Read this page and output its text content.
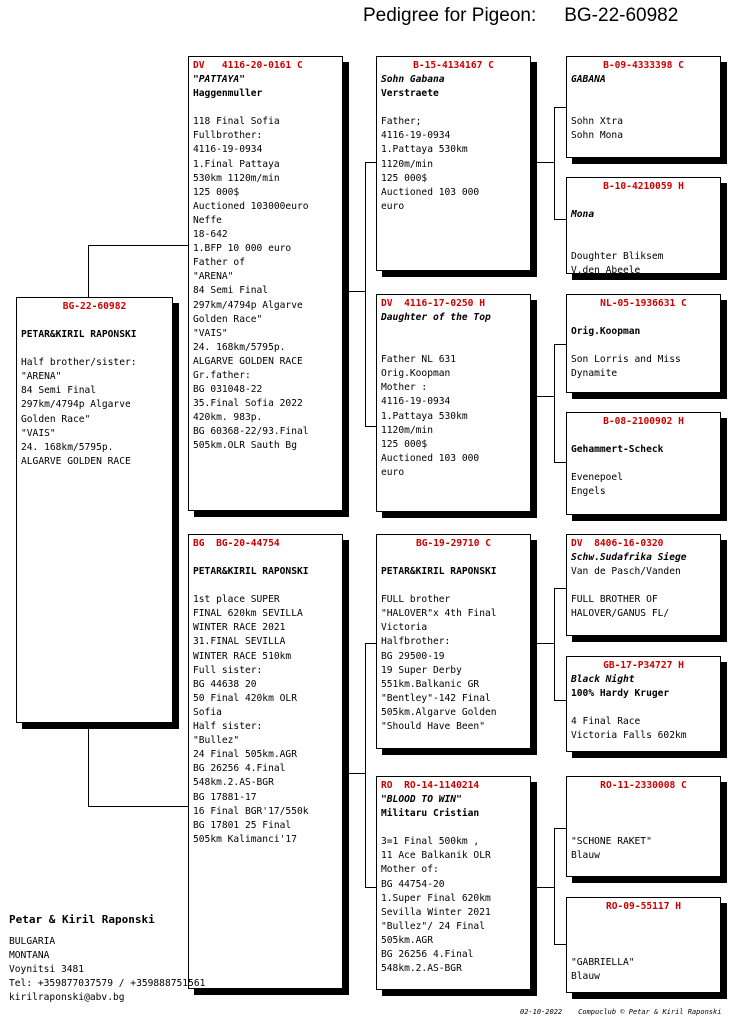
Pedigree for Pigeon: BG-22-60982
BG-22-60982
PETAR&KIRIL RAPONSKI
Half brother/sister:
"ARENA"
84 Semi Final
297km/4794p Algarve
Golden Race"
"VAIS"
24. 168km/5795p.
ALGARVE GOLDEN RACE
DV 4116-20-0161 C
"PATTAYA"
Haggenmuller
118 Final Sofia
Fullbrother:
4116-19-0934
1.Final Pattaya
530km 1120m/min
125 000$
Auctioned 103000euro
Neffe
18-642
1.BFP 10 000 euro
Father of
"ARENA"
84 Semi Final
297km/4794p Algarve
Golden Race"
"VAIS"
24. 168km/5795p.
ALGARVE GOLDEN RACE
Gr.father:
BG 031048-22
35.Final Sofia 2022
420km. 983p.
BG 60368-22/93.Final
505km.OLR Sauth Bg
BG BG-20-44754
PETAR&KIRIL RAPONSKI
1st place SUPER
FINAL 620km SEVILLA
WINTER RACE 2021
31.FINAL SEVILLA
WINTER RACE 510km
Full sister:
BG 44638 20
50 Final 420km OLR
Sofia
Half sister:
"Bullez"
24 Final 505km.AGR
BG 26256 4.Final
548km.2.AS-BGR
BG 17881-17
16 Final BGR'17/550k
BG 17801 25 Final
505km Kalimanci'17
B-15-4134167 C
Sohn Gabana
Verstraete
Father;
4116-19-0934
1.Pattaya 530km
1120m/min
125 000$
Auctioned 103 000
euro
DV 4116-17-0250 H
Daughter of the Top
Father NL 631
Orig.Koopman
Mother :
4116-19-0934
1.Pattaya 530km
1120m/min
125 000$
Auctioned 103 000
euro
BG-19-29710 C
PETAR&KIRIL RAPONSKI
FULL brother
"HALOVER"x 4th Final
Victoria
Halfbrother:
BG 29500-19
19 Super Derby
551km.Balkanic GR
"Bentley"-142 Final
505km.Algarve Golden
"Should Have Been"
RO RO-14-1140214
"BLOOD TO WIN"
Militaru Cristian
3=1 Final 500km ,
11 Ace Balkanik OLR
Mother of:
BG 44754-20
1.Super Final 620km
Sevilla Winter 2021
"Bullez"/ 24 Final
505km.AGR
BG 26256 4.Final
548km.2.AS-BGR
B-09-4333398 C
GABANA
Sohn Xtra
Sohn Mona
B-10-4210059 H
Mona
Doughter Bliksem
V.den Abeele
NL-05-1936631 C
Orig.Koopman
Son Lorris and Miss
Dynamite
B-08-2100902 H
Gehammert-Scheck
Evenepoel
Engels
DV 8406-16-0320
Schw.Sudafrika Siege
Van de Pasch/Vanden
FULL BROTHER OF
HALOVER/GANUS FL/
GB-17-P34727 H
Black Night
100% Hardy Kruger
4 Final Race
Victoria Falls 602km
RO-11-2330008 C
"SCHONE RAKET"
Blauw
RO-09-55117 H
"GABRIELLA"
Blauw
Petar & Kiril Raponski
BULGARIA
MONTANA
Voynitsi 3481
Tel: +359877037579 / +359888751561
kirilraponski@abv.bg
02-10-2022 Compuclub © Petar & Kiril Raponski
